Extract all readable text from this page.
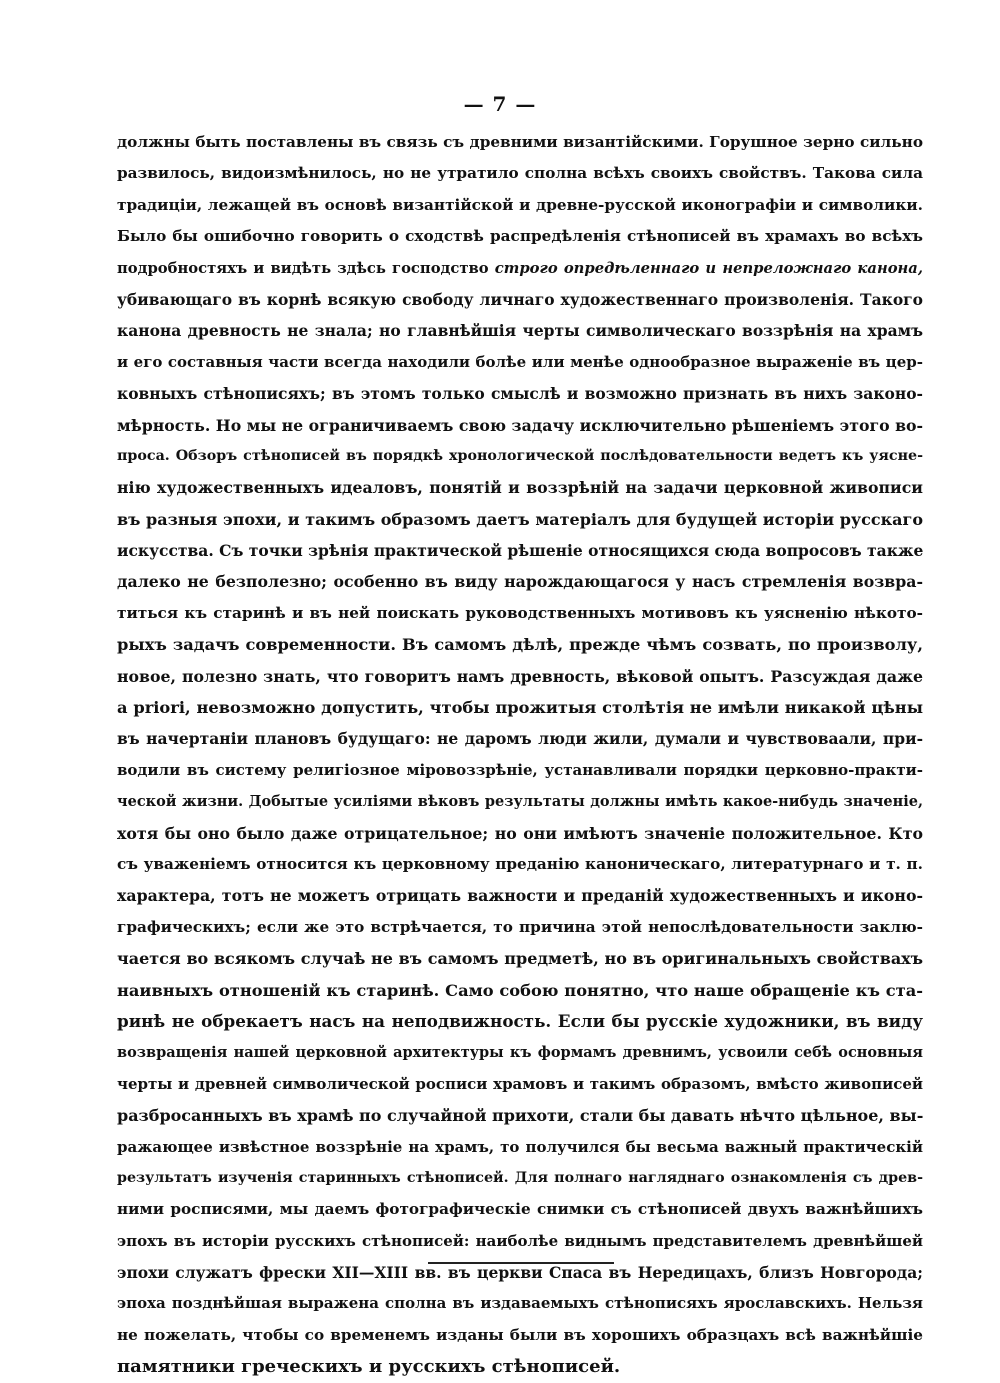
— 7 —
должны быть поставлены въ связь съ древними византійскими. Горушное зерно сильно
развилось, видоизмѣнилось, но не утратило сполна всѣхъ своихъ свойствъ. Такова сила
традиціи, лежащей въ основѣ византійской и древне-русской иконографіи и символики.
Было бы ошибочно говорить о сходствѣ распредѣленія стѣнописей въ храмахъ во всѣхъ
подробностяхъ и видѣть здѣсь господство строго опредѣленнаго и непреложнаго канона,
убивающаго въ корнѣ всякую свободу личнаго художественнаго произволенія. Такого
канона древность не знала; но главнѣйшія черты символическаго воззрѣнія на храмъ
и его составныя части всегда находили болѣе или менѣе однообразное выраженіе въ цер-
ковныхъ стѣнописяхъ; въ этомъ только смыслѣ и возможно признать въ нихъ законо-
мѣрность. Но мы не ограничиваемъ свою задачу исключительно рѣшеніемъ этого во-
проса. Обзоръ стѣнописей въ порядкѣ хронологической послѣдовательности ведетъ къ уясне-
нію художественныхъ идеаловъ, понятій и воззрѣній на задачи церковной живописи
въ разныя эпохи, и такимъ образомъ даетъ матеріалъ для будущей исторіи русскаго
искусства. Съ точки зрѣнія практической рѣшеніе относящихся сюда вопросовъ также
далеко не безполезно; особенно въ виду нарождающагося у насъ стремленія возвра-
титься къ старинѣ и въ ней поискать руководственныхъ мотивовъ къ уясненію нѣкото-
рыхъ задачъ современности. Въ самомъ дѣлѣ, прежде чѣмъ созвать, по произволу,
новое, полезно знать, что говоритъ намъ древность, вѣковой опытъ. Разсуждая даже
a priori, невозможно допустить, чтобы прожитыя столѣтія не имѣли никакой цѣны
въ начертаніи плановъ будущаго: не даромъ люди жили, думали и чувствоваали, при-
водили въ систему религіозное міровоззрѣніе, устанавливали порядки церковно-практи-
ческой жизни. Добытые усиліями вѣковъ результаты должны имѣть какое-нибудь значеніе,
хотя бы оно было даже отрицательное; но они имѣютъ значеніе положительное. Кто
съ уваженіемъ относится къ церковному преданію каноническаго, литературнаго и т. п.
характера, тотъ не можетъ отрицать важности и преданій художественныхъ и иконо-
графическихъ; если же это встрѣчается, то причина этой непослѣдовательности заклю-
чается во всякомъ случаѣ не въ самомъ предметѣ, но въ оригинальныхъ свойствахъ
наивныхъ отношеній къ старинѣ. Само собою понятно, что наше обращеніе къ ста-
ринѣ не обрекаетъ насъ на неподвижность. Если бы русскіе художники, въ виду
возвращенія нашей церковной архитектуры къ формамъ древнимъ, усвоили себѣ основныя
черты и древней символической росписи храмовъ и такимъ образомъ, вмѣсто живописей
разбросанныхъ въ храмѣ по случайной прихоти, стали бы давать нѣчто цѣльное, вы-
ражающее извѣстное воззрѣніе на храмъ, то получился бы весьма важный практическій
результатъ изученія старинныхъ стѣнописей. Для полнаго нагляднаго ознакомленія съ древ-
ними росписями, мы даемъ фотографическіе снимки съ стѣнописей двухъ важнѣйшихъ
эпохъ въ исторіи русскихъ стѣнописей: наиболѣе виднымъ представителемъ древнѣйшей
эпохи служатъ фрески XII—XIII вв. въ церкви Спаса въ Нередицахъ, близъ Новгорода;
эпоха позднѣйшая выражена сполна въ издаваемыхъ стѣнописяхъ ярославскихъ. Нельзя
не пожелать, чтобы со временемъ изданы были въ хорошихъ образцахъ всѣ важнѣйшіе
памятники греческихъ и русскихъ стѣнописей.
